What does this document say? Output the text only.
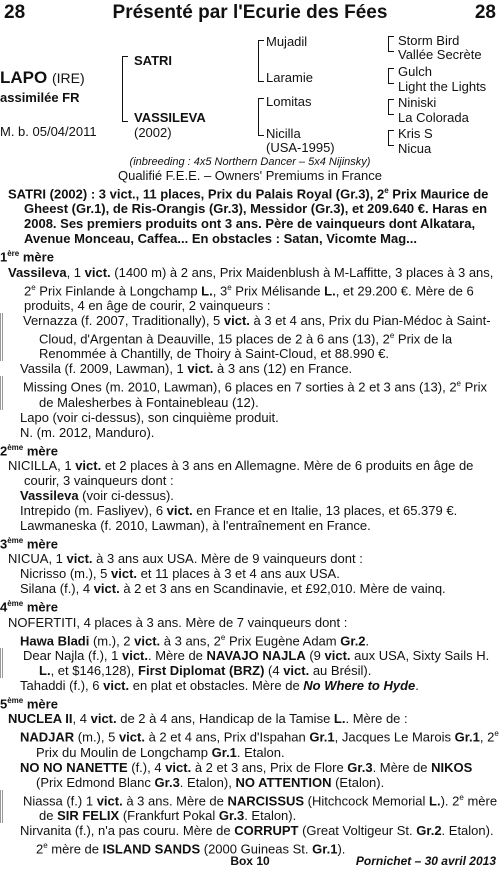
28	Présenté par l'Ecurie des Fées	28
LAPO (IRE)
assimilée FR
M. b. 05/04/2011
SATRI
VASSILEVA
(2002)
Mujadil
Laramie
Lomitas
Nicilla
(USA-1995)
Storm Bird
Vallée Secrète
Gulch
Light the Lights
Niniski
La Colorada
Kris S
Nicua
(inbreeding : 4x5 Northern Dancer – 5x4 Nijinsky)
Qualifié F.E.E. – Owners' Premiums in France
SATRI (2002) : 3 vict., 11 places, Prix du Palais Royal (Gr.3), 2e Prix Maurice de Gheest (Gr.1), de Ris-Orangis (Gr.3), Messidor (Gr.3), et 209.640 €. Haras en 2008. Ses premiers produits ont 3 ans. Père de vainqueurs dont Alkatara, Avenue Monceau, Caffea... En obstacles : Satan, Vicomte Mag...
1ère mère
Vassileva, 1 vict. (1400 m) à 2 ans, Prix Maidenblush à M-Laffitte, 3 places à 3 ans, 2e Prix Finlande à Longchamp L., 3e Prix Mélisande L., et 29.200 €. Mère de 6 produits, 4 en âge de courir, 2 vainqueurs :
Vernazza (f. 2007, Traditionally), 5 vict. à 3 et 4 ans, Prix du Pian-Médoc à Saint-Cloud, d'Argentan à Deauville, 15 places de 2 à 6 ans (13), 2e Prix de la Renommée à Chantilly, de Thoiry à Saint-Cloud, et 88.990 €.
Vassila (f. 2009, Lawman), 1 vict. à 3 ans (12) en France.
Missing Ones (m. 2010, Lawman), 6 places en 7 sorties à 2 et 3 ans (13), 2e Prix de Malesherbes à Fontainebleau (12).
Lapo (voir ci-dessus), son cinquième produit.
N. (m. 2012, Manduro).
2ème mère
NICILLA, 1 vict. et 2 places à 3 ans en Allemagne. Mère de 6 produits en âge de courir, 3 vainqueurs dont :
Vassileva (voir ci-dessus).
Intrepido (m. Fasliyev), 6 vict. en France et en Italie, 13 places, et 65.379 €.
Lawmaneska (f. 2010, Lawman), à l'entraînement en France.
3ème mère
NICUA, 1 vict. à 3 ans aux USA. Mère de 9 vainqueurs dont :
Nicrisso (m.), 5 vict. et 11 places à 3 et 4 ans aux USA.
Silana (f.), 4 vict. à 2 et 3 ans en Scandinavie, et £92,010. Mère de vainq.
4ème mère
NOFERTITI, 4 places à 3 ans. Mère de 7 vainqueurs dont :
Hawa Bladi (m.), 2 vict. à 3 ans, 2e Prix Eugène Adam Gr.2.
Dear Najla (f.), 1 vict.. Mère de NAVAJO NAJLA (9 vict. aux USA, Sixty Sails H. L., et $146,128), First Diplomat (BRZ) (4 vict. au Brésil).
Tahaddi (f.), 6 vict. en plat et obstacles. Mère de No Where to Hyde.
5ème mère
NUCLEA II, 4 vict. de 2 à 4 ans, Handicap de la Tamise L.. Mère de :
NADJAR (m.), 5 vict. à 2 et 4 ans, Prix d'Ispahan Gr.1, Jacques Le Marois Gr.1, 2e Prix du Moulin de Longchamp Gr.1. Etalon.
NO NO NANETTE (f.), 4 vict. à 2 et 3 ans, Prix de Flore Gr.3. Mère de NIKOS (Prix Edmond Blanc Gr.3. Etalon), NO ATTENTION (Etalon).
Niassa (f.) 1 vict. à 3 ans. Mère de NARCISSUS (Hitchcock Memorial L.). 2e mère de SIR FELIX (Frankfurt Pokal Gr.3. Etalon).
Nirvanita (f.), n'a pas couru. Mère de CORRUPT (Great Voltigeur St. Gr.2. Etalon). 2e mère de ISLAND SANDS (2000 Guineas St. Gr.1).
Box 10	Pornichet – 30 avril 2013
